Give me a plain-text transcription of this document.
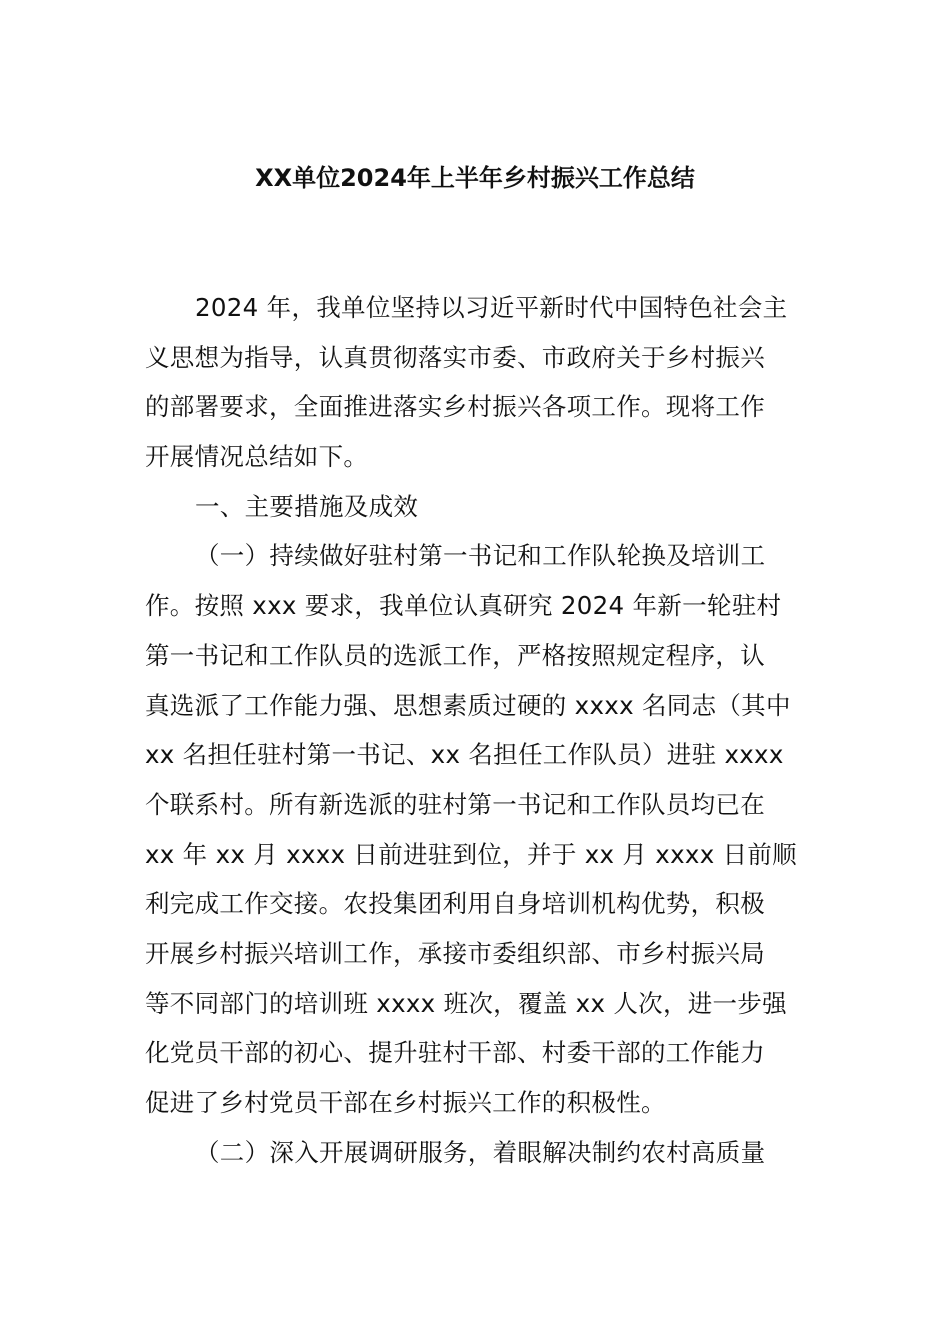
XX单位2024年上半年乡村振兴工作总结
2024 年，我单位坚持以习近平新时代中国特色社会主
义思想为指导，认真贯彻落实市委、市政府关于乡村振兴
的部署要求，全面推进落实乡村振兴各项工作。现将工作
开展情况总结如下。
一、主要措施及成效
（一）持续做好驻村第一书记和工作队轮换及培训工
作。按照 xxx 要求，我单位认真研究 2024 年新一轮驻村
第一书记和工作队员的选派工作，严格按照规定程序，认
真选派了工作能力强、思想素质过硬的 xxxx 名同志（其中
xx 名担任驻村第一书记、xx 名担任工作队员）进驻 xxxx
个联系村。所有新选派的驻村第一书记和工作队员均已在
xx 年 xx 月 xxxx 日前进驻到位，并于 xx 月 xxxx 日前顺
利完成工作交接。农投集团利用自身培训机构优势，积极
开展乡村振兴培训工作，承接市委组织部、市乡村振兴局
等不同部门的培训班 xxxx 班次，覆盖 xx 人次，进一步强
化党员干部的初心、提升驻村干部、村委干部的工作能力
促进了乡村党员干部在乡村振兴工作的积极性。
（二）深入开展调研服务，着眼解决制约农村高质量
